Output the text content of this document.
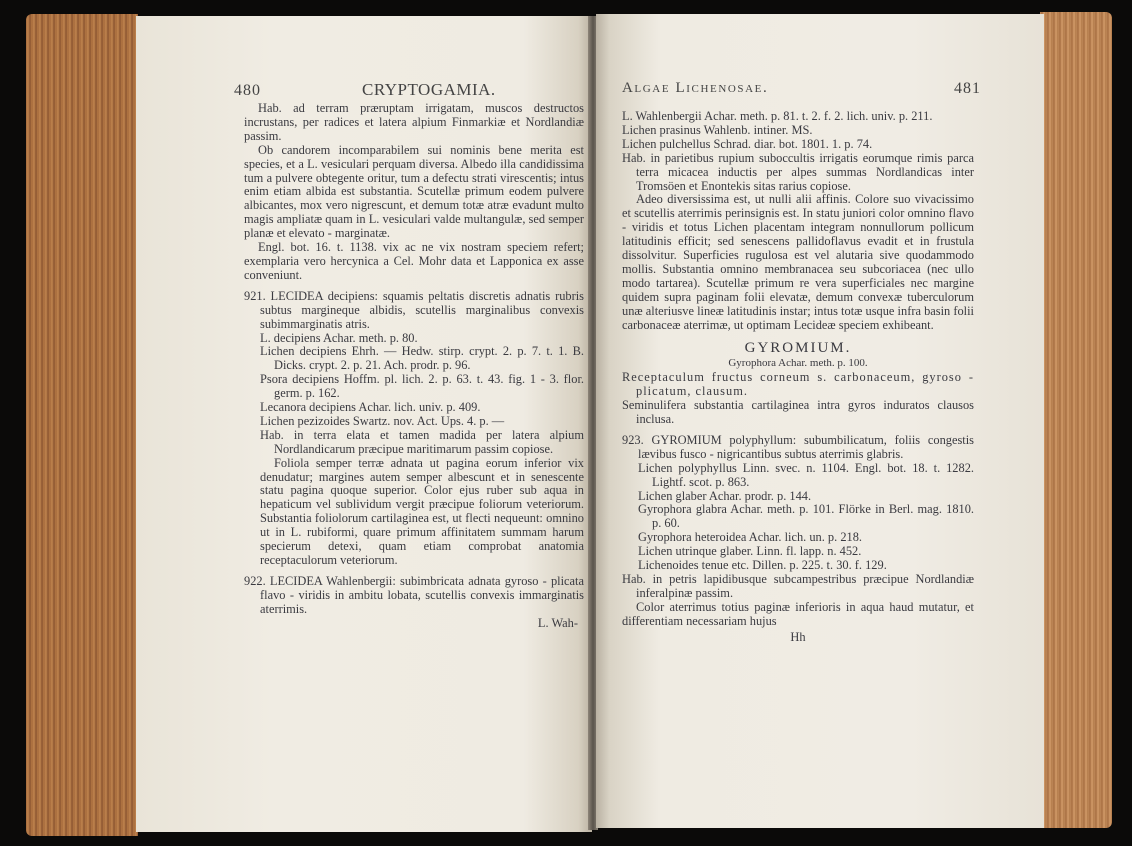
480	CRYPTOGAMIA.

Hab. ad terram præruptam irrigatam, muscos destructos incrustans, per radices et latera alpium Finmarkiæ et Nordlandiæ passim.

Ob candorem incomparabilem sui nominis bene merita est species, et a L. vesiculari perquam diversa. Albedo illa candidissima tum a pulvere obtegente oritur, tum a defectu strati virescentis; intus enim etiam albida est substantia. Scutellæ primum eodem pulvere albicantes, mox vero nigrescunt, et demum totæ atræ evadunt multo magis ampliatæ quam in L. vesiculari valde multangulæ, sed semper planæ et elevato - marginatæ.

Engl. bot. 16. t. 1138. vix ac ne vix nostram speciem refert; exemplaria vero hercynica a Cel. Mohr data et Lapponica ex asse conveniunt.

921. LECIDEA decipiens: squamis peltatis discretis adnatis rubris subtus margineque albidis, scutellis marginalibus convexis subimmarginatis atris.

L. decipiens Achar. meth. p. 80.

Lichen decipiens Ehrh. — Hedw. stirp. crypt. 2. p. 7. t. 1. B. Dicks. crypt. 2. p. 21. Ach. prodr. p. 96.

Psora decipiens Hoffm. pl. lich. 2. p. 63. t. 43. fig. 1 - 3. flor. germ. p. 162.

Lecanora decipiens Achar. lich. univ. p. 409.

Lichen pezizoides Swartz. nov. Act. Ups. 4. p. —

Hab. in terra elata et tamen madida per latera alpium Nordlandicarum præcipue maritimarum passim copiose.

Foliola semper terræ adnata ut pagina eorum inferior vix denudatur; margines autem semper albescunt et in senescente statu pagina quoque superior. Color ejus ruber sub aqua in hepaticum vel sublividum vergit præcipue foliorum veteriorum. Substantia foliolorum cartilaginea est, ut flecti nequeunt: omnino ut in L. rubiformi, quare primum affinitatem summam harum specierum detexi, quam etiam comprobat anatomia receptaculorum veteriorum.

922. LECIDEA Wahlenbergii: subimbricata adnata gyroso - plicata flavo - viridis in ambitu lobata, scutellis convexis immarginatis aterrimis.

L. Wah-

Algae Lichenosae.	481

L. Wahlenbergii Achar. meth. p. 81. t. 2. f. 2. lich. univ. p. 211.

Lichen prasinus Wahlenb. intiner. MS.

Lichen pulchellus Schrad. diar. bot. 1801. 1. p. 74.

Hab. in parietibus rupium suboccultis irrigatis eorumque rimis parca terra micacea inductis per alpes summas Nordlandicas inter Tromsöen et Enontekis sitas rarius copiose.

Adeo diversissima est, ut nulli alii affinis. Colore suo vivacissimo et scutellis aterrimis perinsignis est. In statu juniori color omnino flavo - viridis et totus Lichen placentam integram nonnullorum pollicum latitudinis efficit; sed senescens pallidoflavus evadit et in frustula dissolvitur. Superficies rugulosa est vel alutaria sive quodammodo mollis. Substantia omnino membranacea seu subcoriacea (nec ullo modo tartarea). Scutellæ primum re vera superficiales nec margine quidem supra paginam folii elevatæ, demum convexæ tuberculorum unæ alteriusve lineæ latitudinis instar; intus totæ usque infra basin folii carbonaceæ aterrimæ, ut optimam Lecideæ speciem exhibeant.

GYROMIUM.

Gyrophora Achar. meth. p. 100.

Receptaculum fructus corneum s. carbonaceum, gyroso - plicatum, clausum.

Seminulifera substantia cartilaginea intra gyros induratos clausos inclusa.

923. GYROMIUM polyphyllum: subumbilicatum, foliis congestis lævibus fusco - nigricantibus subtus aterrimis glabris.

Lichen polyphyllus Linn. svec. n. 1104. Engl. bot. 18. t. 1282. Lightf. scot. p. 863.

Lichen glaber Achar. prodr. p. 144.

Gyrophora glabra Achar. meth. p. 101. Flörke in Berl. mag. 1810. p. 60.

Gyrophora heteroidea Achar. lich. un. p. 218.

Lichen utrinque glaber. Linn. fl. lapp. n. 452.

Lichenoides tenue etc. Dillen. p. 225. t. 30. f. 129.

Hab. in petris lapidibusque subcampestribus præcipue Nordlandiæ inferalpinæ passim.

Color aterrimus totius paginæ inferioris in aqua haud mutatur, et differentiam necessariam hujus

Hh
